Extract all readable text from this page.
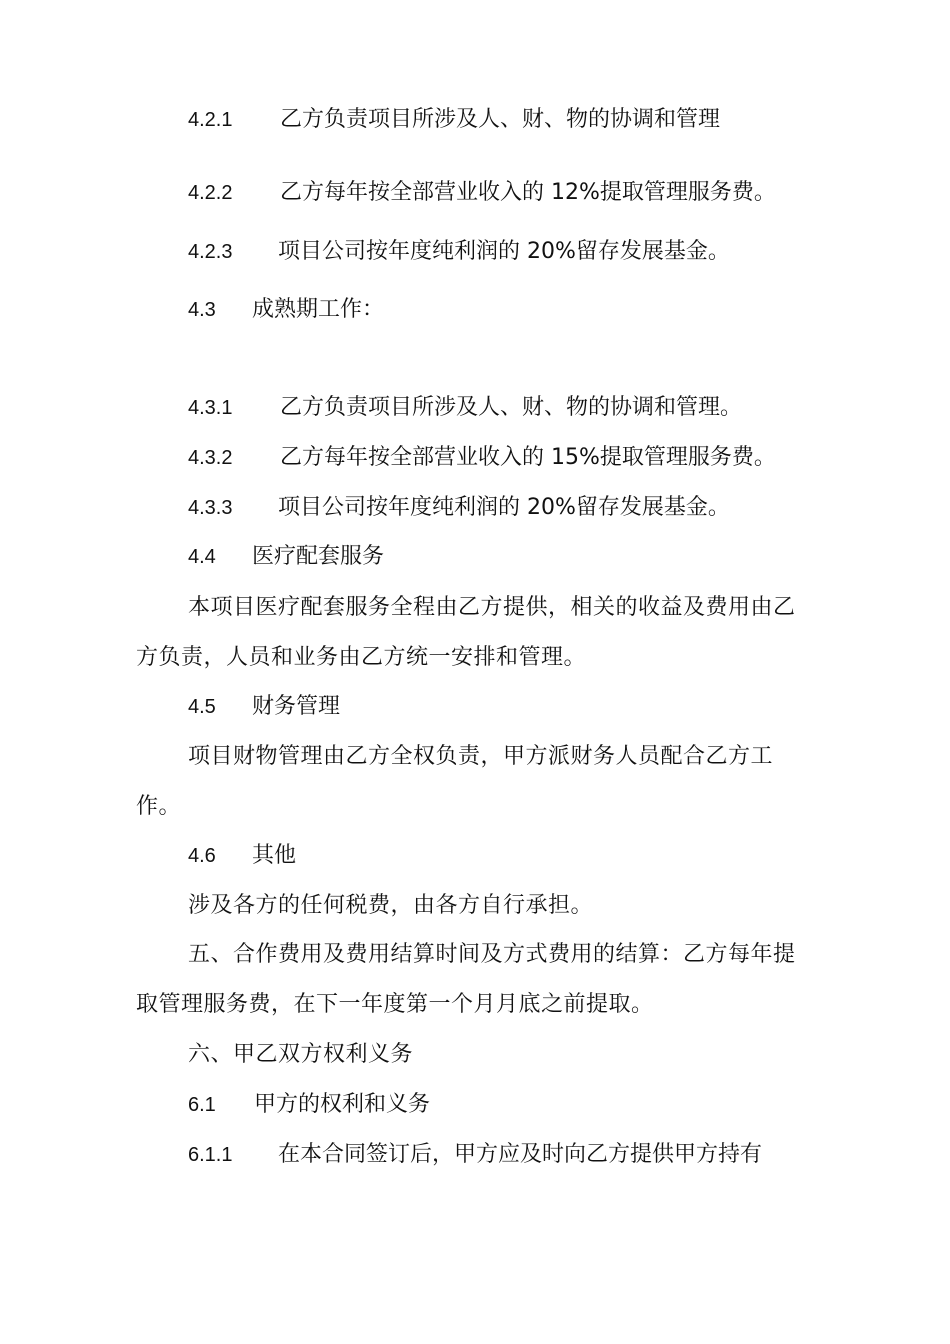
4.2.1 乙方负责项目所涉及人、财、物的协调和管理
4.2.2 乙方每年按全部营业收入的 12%提取管理服务费。
4.2.3 项目公司按年度纯利润的 20%留存发展基金。
4.3 成熟期工作：
4.3.1 乙方负责项目所涉及人、财、物的协调和管理。
4.3.2 乙方每年按全部营业收入的 15%提取管理服务费。
4.3.3 项目公司按年度纯利润的 20%留存发展基金。
4.4 医疗配套服务
本项目医疗配套服务全程由乙方提供，相关的收益及费用由乙方负责，人员和业务由乙方统一安排和管理。
4.5 财务管理
项目财物管理由乙方全权负责，甲方派财务人员配合乙方工作。
4.6 其他
涉及各方的任何税费，由各方自行承担。
五、合作费用及费用结算时间及方式费用的结算：乙方每年提取管理服务费，在下一年度第一个月月底之前提取。
六、甲乙双方权利义务
6.1 甲方的权利和义务
6.1.1 在本合同签订后，甲方应及时向乙方提供甲方持有
